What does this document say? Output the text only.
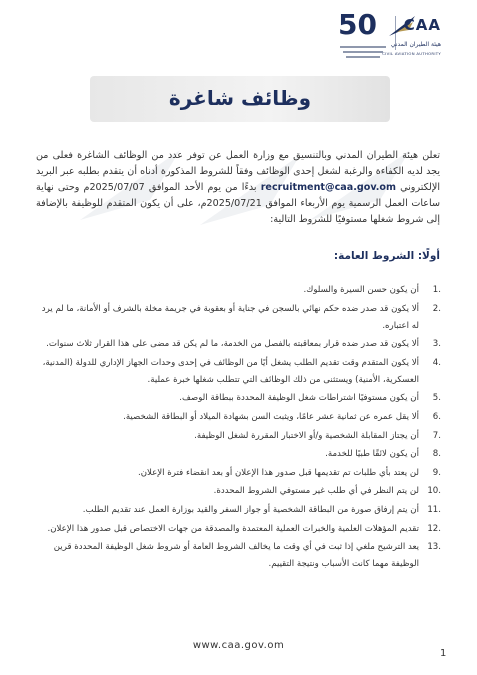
50 CAA
هيئة الطيران المدني
CIVIL AVIATION AUTHORITY
وظائف شاغرة

تعلن هيئة الطيران المدني وبالتنسيق مع وزارة العمل عن توفر عدد من الوظائف الشاغرة فعلى من يجد لديه الكفاءة والرغبة لشغل إحدى الوظائف وفقاً للشروط المذكورة أدناه أن يتقدم بطلبه عبر البريد الإلكتروني recruitment@caa.gov.om بدءًا من يوم الأحد الموافق 2025/07/07م وحتى نهاية ساعات العمل الرسمية يوم الأربعاء الموافق 2025/07/21م، على أن يكون المتقدم للوظيفة بالإضافة إلى شروط شغلها مستوفيًا للشروط التالية:

أولًا: الشروط العامة:
1.
أن يكون حسن السيرة والسلوك.
2.
ألا يكون قد صدر ضده حكم نهائي بالسجن في جناية أو بعقوبة في جريمة مخلة بالشرف أو الأمانة، ما لم يرد له اعتباره.
3.
ألا يكون قد صدر ضده قرار بمعاقبته بالفصل من الخدمة، ما لم يكن قد مضى على هذا القرار ثلاث سنوات.
4.
ألا يكون المتقدم وقت تقديم الطلب يشغل أيًا من الوظائف في إحدى وحدات الجهاز الإداري للدولة (المدنية، العسكرية، الأمنية) ويستثنى من ذلك الوظائف التي تتطلب شغلها خبرة عملية.
5.
أن يكون مستوفيًا اشتراطات شغل الوظيفة المحددة ببطاقة الوصف.
6.
ألا يقل عمره عن ثمانية عشر عامًا، ويثبت السن بشهادة الميلاد أو البطاقة الشخصية.
7.
أن يجتاز المقابلة الشخصية و/أو الاختبار المقررة لشغل الوظيفة.
8.
أن يكون لائقًا طبيًا للخدمة.
9.
لن يعتد بأي طلبات تم تقديمها قبل صدور هذا الإعلان أو بعد انقضاء فترة الإعلان.
10.
لن يتم النظر في أي طلب غير مستوفي الشروط المحددة.
11.
أن يتم إرفاق صورة من البطاقة الشخصية أو جواز السفر والقيد بوزارة العمل عند تقديم الطلب.
12.
تقديم المؤهلات العلمية والخبرات العملية المعتمدة والمصدقة من جهات الاختصاص قبل صدور هذا الإعلان.
13.
يعد الترشيح ملغي إذا ثبت في أي وقت ما يخالف الشروط العامة أو شروط شغل الوظيفة المحددة قرين الوظيفة مهما كانت الأسباب ونتيجة التقييم.
www.caa.gov.om
1
